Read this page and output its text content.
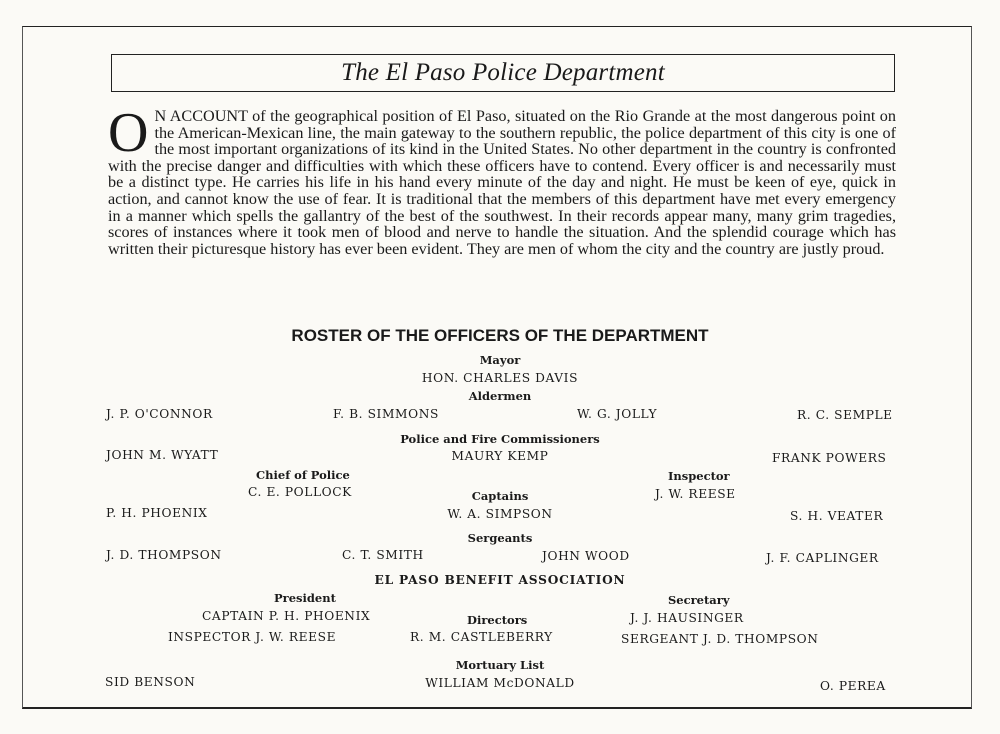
The El Paso Police Department
O N ACCOUNT of the geographical position of El Paso, situated on the Rio Grande at the most dangerous point on the American-Mexican line, the main gateway to the southern republic, the police department of this city is one of the most important organizations of its kind in the United States. No other department in the country is confronted with the precise danger and difficulties with which these officers have to contend. Every officer is and necessarily must be a distinct type. He carries his life in his hand every minute of the day and night. He must be keen of eye, quick in action, and cannot know the use of fear. It is traditional that the members of this department have met every emergency in a manner which spells the gallantry of the best of the southwest. In their records appear many, many grim tragedies, scores of instances where it took men of blood and nerve to handle the situation. And the splendid courage which has written their picturesque history has ever been evident. They are men of whom the city and the country are justly proud.
ROSTER OF THE OFFICERS OF THE DEPARTMENT
Mayor
HON. CHARLES DAVIS
Aldermen
J. P. O'CONNOR	F. B. SIMMONS	W. G. JOLLY	R. C. SEMPLE
Police and Fire Commissioners
JOHN M. WYATT	MAURY KEMP	FRANK POWERS
Chief of Police
C. E. POLLOCK
Inspector
J. W. REESE
Captains
P. H. PHOENIX	W. A. SIMPSON	S. H. VEATER
Sergeants
J. D. THOMPSON	C. T. SMITH	JOHN WOOD	J. F. CAPLINGER
EL PASO BENEFIT ASSOCIATION
President
CAPTAIN P. H. PHOENIX
Secretary
J. J. HAUSINGER
Directors
INSPECTOR J. W. REESE	R. M. CASTLEBERRY	SERGEANT J. D. THOMPSON
Mortuary List
SID BENSON	WILLIAM McDONALD	O. PEREA
